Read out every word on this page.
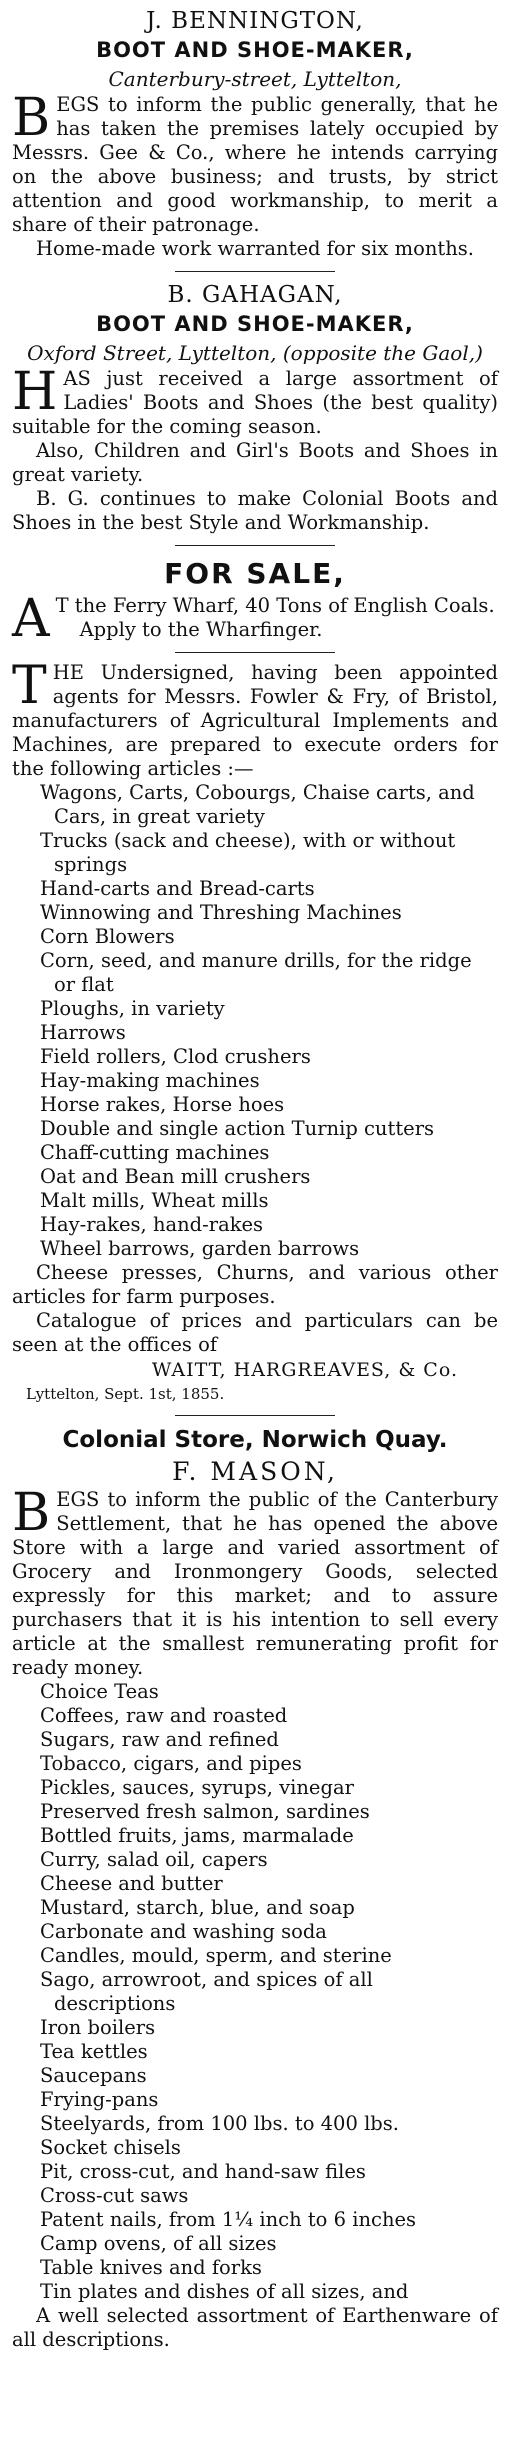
J. BENNINGTON,
BOOT AND SHOE-MAKER,
Canterbury-street, Lyttelton,

BEGS to inform the public generally, that he has taken the premises lately occupied by Messrs. Gee & Co., where he intends carrying on the above business; and trusts, by strict attention and good workmanship, to merit a share of their patronage.

Home-made work warranted for six months.

B. GAHAGAN,
BOOT AND SHOE-MAKER,
Oxford Street, Lyttelton, (opposite the Gaol,)

HAS just received a large assortment of Ladies' Boots and Shoes (the best quality) suitable for the coming season.

Also, Children and Girl's Boots and Shoes in great variety.

B. G. continues to make Colonial Boots and Shoes in the best Style and Workmanship.

FOR SALE,

A T the Ferry Wharf, 40 Tons of English Coals.

Apply to the Wharfinger.

THE Undersigned, having been appointed agents for Messrs. Fowler & Fry, of Bristol, manufacturers of Agricultural Implements and Machines, are prepared to execute orders for the following articles :—

Wagons, Carts, Cobourgs, Chaise carts, and Cars, in great variety
Trucks (sack and cheese), with or without springs
Hand-carts and Bread-carts
Winnowing and Threshing Machines
Corn Blowers
Corn, seed, and manure drills, for the ridge or flat
Ploughs, in variety
Harrows
Field rollers, Clod crushers
Hay-making machines
Horse rakes, Horse hoes
Double and single action Turnip cutters
Chaff-cutting machines
Oat and Bean mill crushers
Malt mills, Wheat mills
Hay-rakes, hand-rakes
Wheel barrows, garden barrows

Cheese presses, Churns, and various other articles for farm purposes.

Catalogue of prices and particulars can be seen at the offices of

WAITT, HARGREAVES, & Co.
Lyttelton, Sept. 1st, 1855.
Colonial Store, Norwich Quay.
F. MASON,

BEGS to inform the public of the Canterbury Settlement, that he has opened the above Store with a large and varied assortment of Grocery and Ironmongery Goods, selected expressly for this market; and to assure purchasers that it is his intention to sell every article at the smallest remunerating profit for ready money.

Choice Teas
Coffees, raw and roasted
Sugars, raw and refined
Tobacco, cigars, and pipes
Pickles, sauces, syrups, vinegar
Preserved fresh salmon, sardines
Bottled fruits, jams, marmalade
Curry, salad oil, capers
Cheese and butter
Mustard, starch, blue, and soap
Carbonate and washing soda
Candles, mould, sperm, and sterine
Sago, arrowroot, and spices of all descriptions
Iron boilers
Tea kettles
Saucepans
Frying-pans
Steelyards, from 100 lbs. to 400 lbs.
Socket chisels
Pit, cross-cut, and hand-saw files
Cross-cut saws
Patent nails, from 1¼ inch to 6 inches
Camp ovens, of all sizes
Table knives and forks
Tin plates and dishes of all sizes, and

A well selected assortment of Earthenware of all descriptions.
